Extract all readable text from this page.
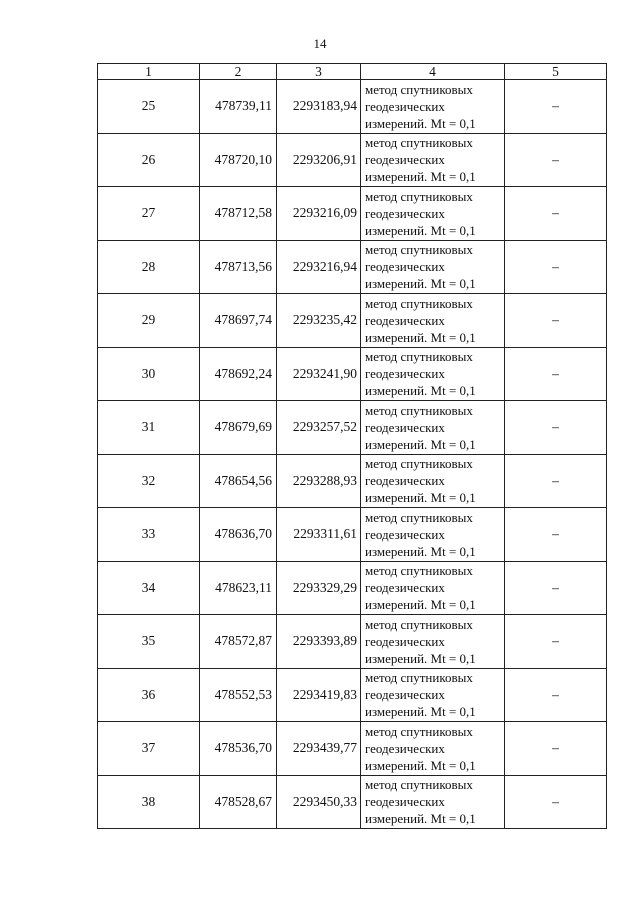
14
1	2	3	4	5
25	478739,11	2293183,94	метод спутниковых
геодезических
измерений. Mt = 0,1	–
26	478720,10	2293206,91	метод спутниковых
геодезических
измерений. Mt = 0,1	–
27	478712,58	2293216,09	метод спутниковых
геодезических
измерений. Mt = 0,1	–
28	478713,56	2293216,94	метод спутниковых
геодезических
измерений. Mt = 0,1	–
29	478697,74	2293235,42	метод спутниковых
геодезических
измерений. Mt = 0,1	–
30	478692,24	2293241,90	метод спутниковых
геодезических
измерений. Mt = 0,1	–
31	478679,69	2293257,52	метод спутниковых
геодезических
измерений. Mt = 0,1	–
32	478654,56	2293288,93	метод спутниковых
геодезических
измерений. Mt = 0,1	–
33	478636,70	2293311,61	метод спутниковых
геодезических
измерений. Mt = 0,1	–
34	478623,11	2293329,29	метод спутниковых
геодезических
измерений. Mt = 0,1	–
35	478572,87	2293393,89	метод спутниковых
геодезических
измерений. Mt = 0,1	–
36	478552,53	2293419,83	метод спутниковых
геодезических
измерений. Mt = 0,1	–
37	478536,70	2293439,77	метод спутниковых
геодезических
измерений. Mt = 0,1	–
38	478528,67	2293450,33	метод спутниковых
геодезических
измерений. Mt = 0,1	–
